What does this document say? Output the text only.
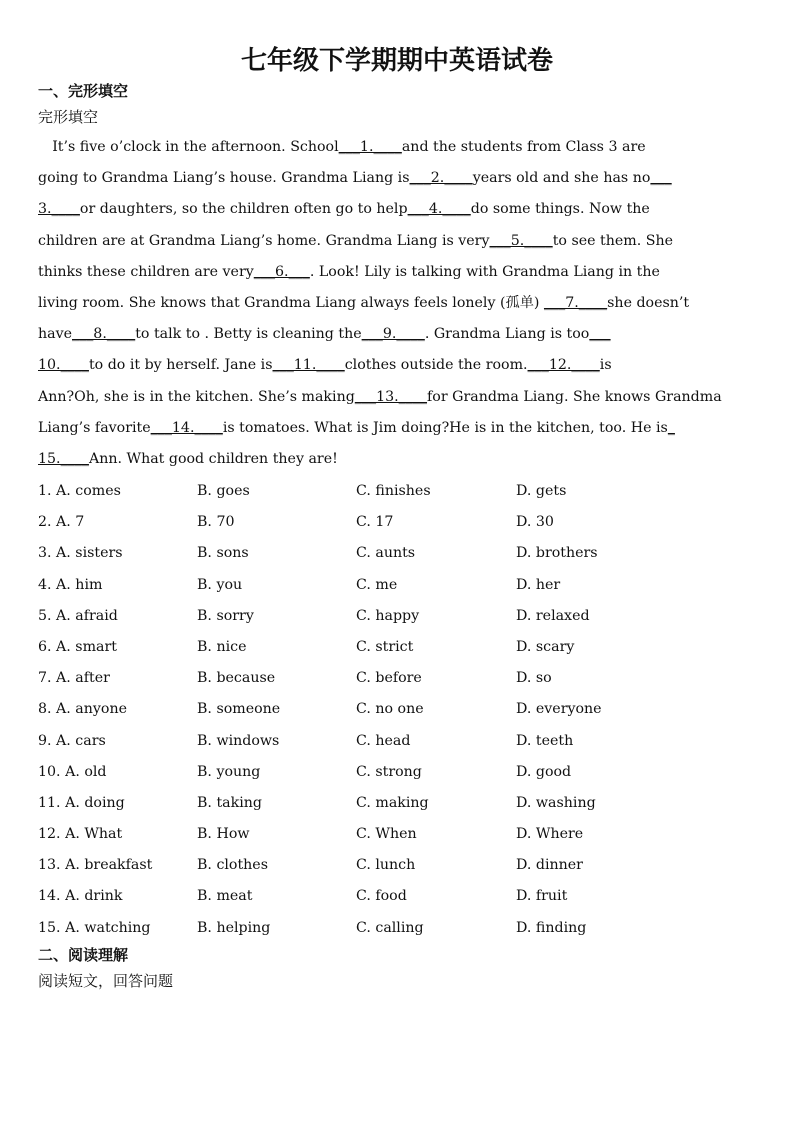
七年级下学期期中英语试卷
一、完形填空
完形填空
　It’s five o’clock in the afternoon. School___1.____and the students from Class 3 are
going to Grandma Liang’s house. Grandma Liang is___2.____years old and she has no___
3.____or daughters, so the children often go to help___4.____do some things. Now the
children are at Grandma Liang’s home. Grandma Liang is very___5.____to see them. She
thinks these children are very___6.___. Look! Lily is talking with Grandma Liang in the
living room. She knows that Grandma Liang always feels lonely (孤单) ___7.____she doesn’t
have___8.____to talk to . Betty is cleaning the___9.____. Grandma Liang is too___
10.____to do it by herself. Jane is___11.____clothes outside the room.___12.____is
Ann?Oh, she is in the kitchen. She’s making___13.____for Grandma Liang. She knows Grandma
Liang’s favorite___14.____is tomatoes. What is Jim doing?He is in the kitchen, too. He is_
15.____Ann. What good children they are!
1. A. comes	B. goes	C. finishes	D. gets
2. A. 7	B. 70	C. 17	D. 30
3. A. sisters	B. sons	C. aunts	D. brothers
4. A. him	B. you	C. me	D. her
5. A. afraid	B. sorry	C. happy	D. relaxed
6. A. smart	B. nice	C. strict	D. scary
7. A. after	B. because	C. before	D. so
8. A. anyone	B. someone	C. no one	D. everyone
9. A. cars	B. windows	C. head	D. teeth
10. A. old	B. young	C. strong	D. good
11. A. doing	B. taking	C. making	D. washing
12. A. What	B. How	C. When	D. Where
13. A. breakfast	B. clothes	C. lunch	D. dinner
14. A. drink	B. meat	C. food	D. fruit
15. A. watching	B. helping	C. calling	D. finding
二、阅读理解
阅读短文，回答问题
